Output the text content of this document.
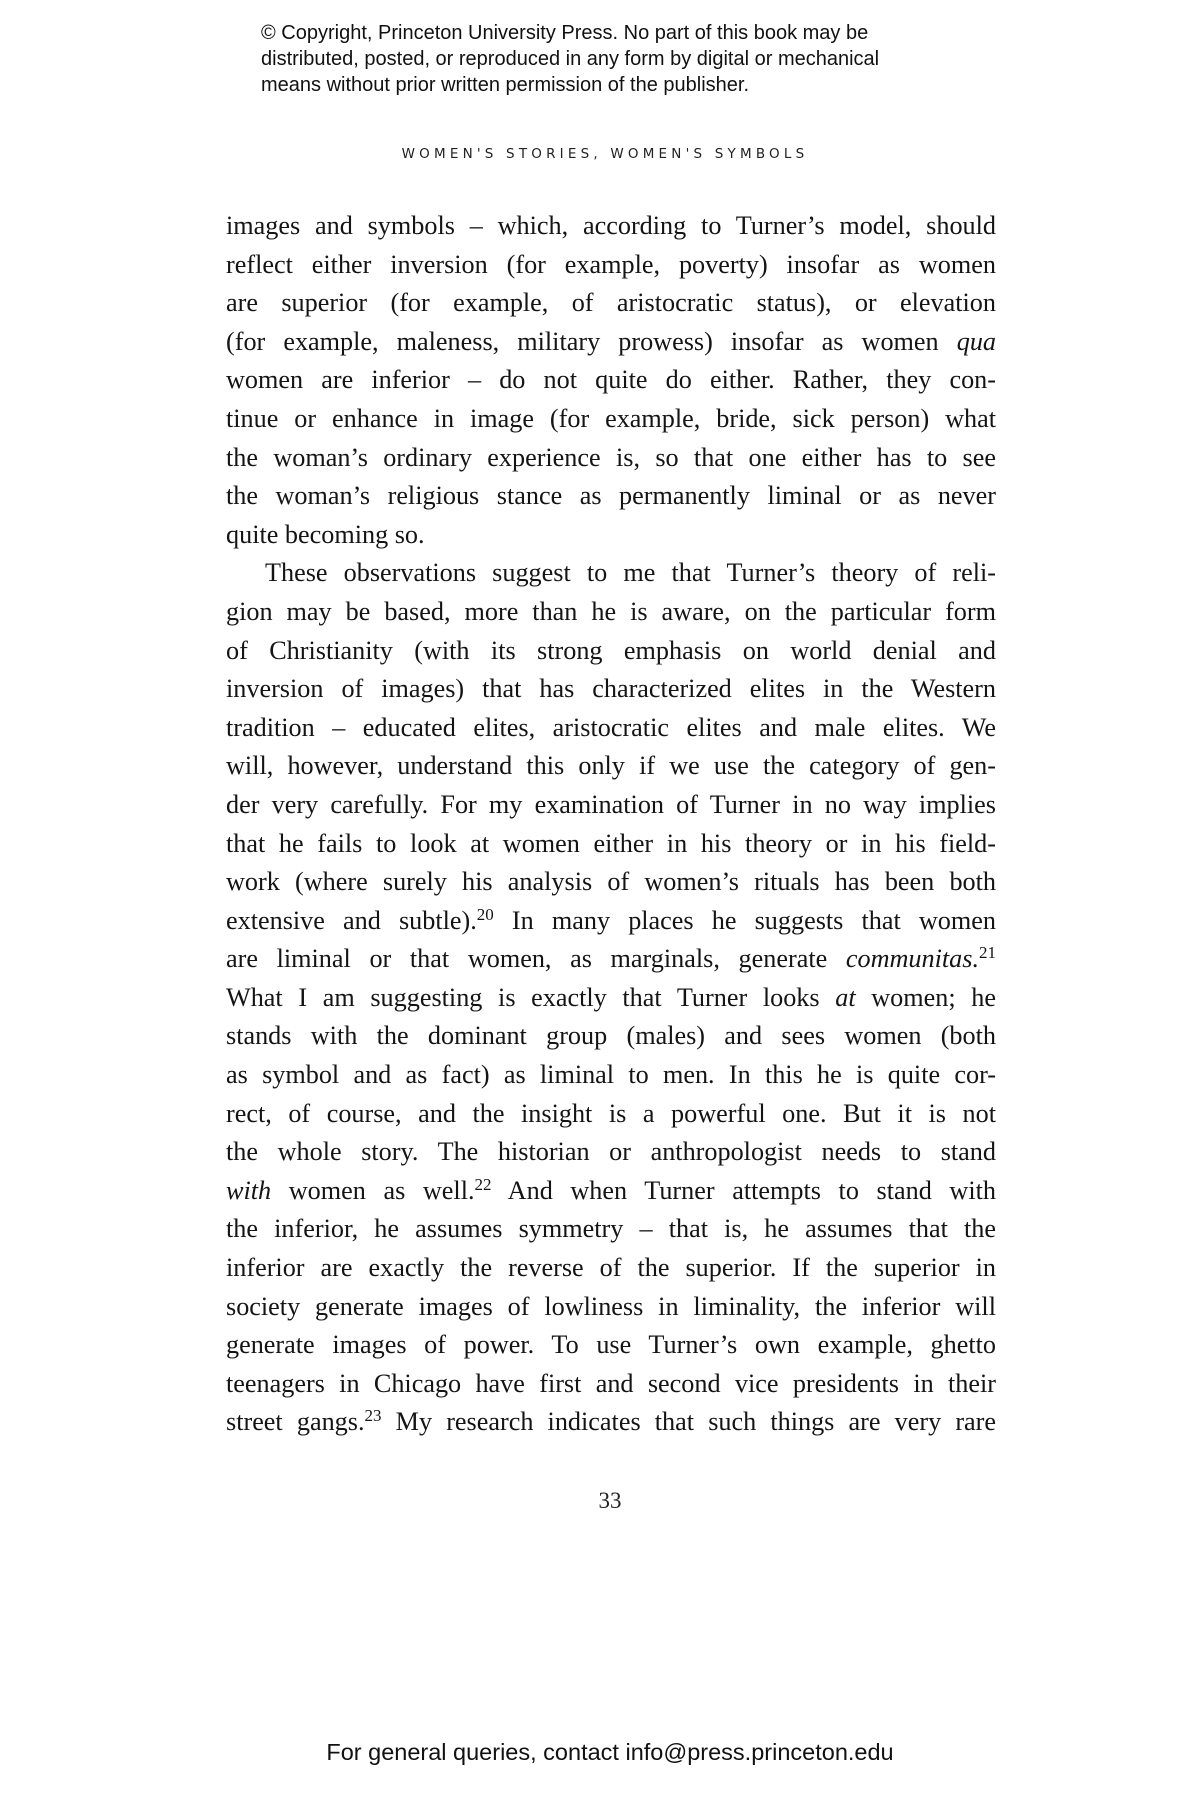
© Copyright, Princeton University Press. No part of this book may be
distributed, posted, or reproduced in any form by digital or mechanical
means without prior written permission of the publisher.
WOMEN'S STORIES, WOMEN'S SYMBOLS
images and symbols – which, according to Turner’s model, should
reflect either inversion (for example, poverty) insofar as women
are superior (for example, of aristocratic status), or elevation
(for example, maleness, military prowess) insofar as women qua
women are inferior – do not quite do either. Rather, they con-
tinue or enhance in image (for example, bride, sick person) what
the woman’s ordinary experience is, so that one either has to see
the woman’s religious stance as permanently liminal or as never
quite becoming so.
These observations suggest to me that Turner’s theory of reli-
gion may be based, more than he is aware, on the particular form
of Christianity (with its strong emphasis on world denial and
inversion of images) that has characterized elites in the Western
tradition – educated elites, aristocratic elites and male elites. We
will, however, understand this only if we use the category of gen-
der very carefully. For my examination of Turner in no way implies
that he fails to look at women either in his theory or in his field-
work (where surely his analysis of women’s rituals has been both
extensive and subtle).$^{20}$ In many places he suggests that women
are liminal or that women, as marginals, generate communitas.$^{21}$
What I am suggesting is exactly that Turner looks at women; he
stands with the dominant group (males) and sees women (both
as symbol and as fact) as liminal to men. In this he is quite cor-
rect, of course, and the insight is a powerful one. But it is not
the whole story. The historian or anthropologist needs to stand
with women as well.$^{22}$ And when Turner attempts to stand with
the inferior, he assumes symmetry – that is, he assumes that the
inferior are exactly the reverse of the superior. If the superior in
society generate images of lowliness in liminality, the inferior will
generate images of power. To use Turner’s own example, ghetto
teenagers in Chicago have first and second vice presidents in their
street gangs.$^{23}$ My research indicates that such things are very rare
33
For general queries, contact info@press.princeton.edu
